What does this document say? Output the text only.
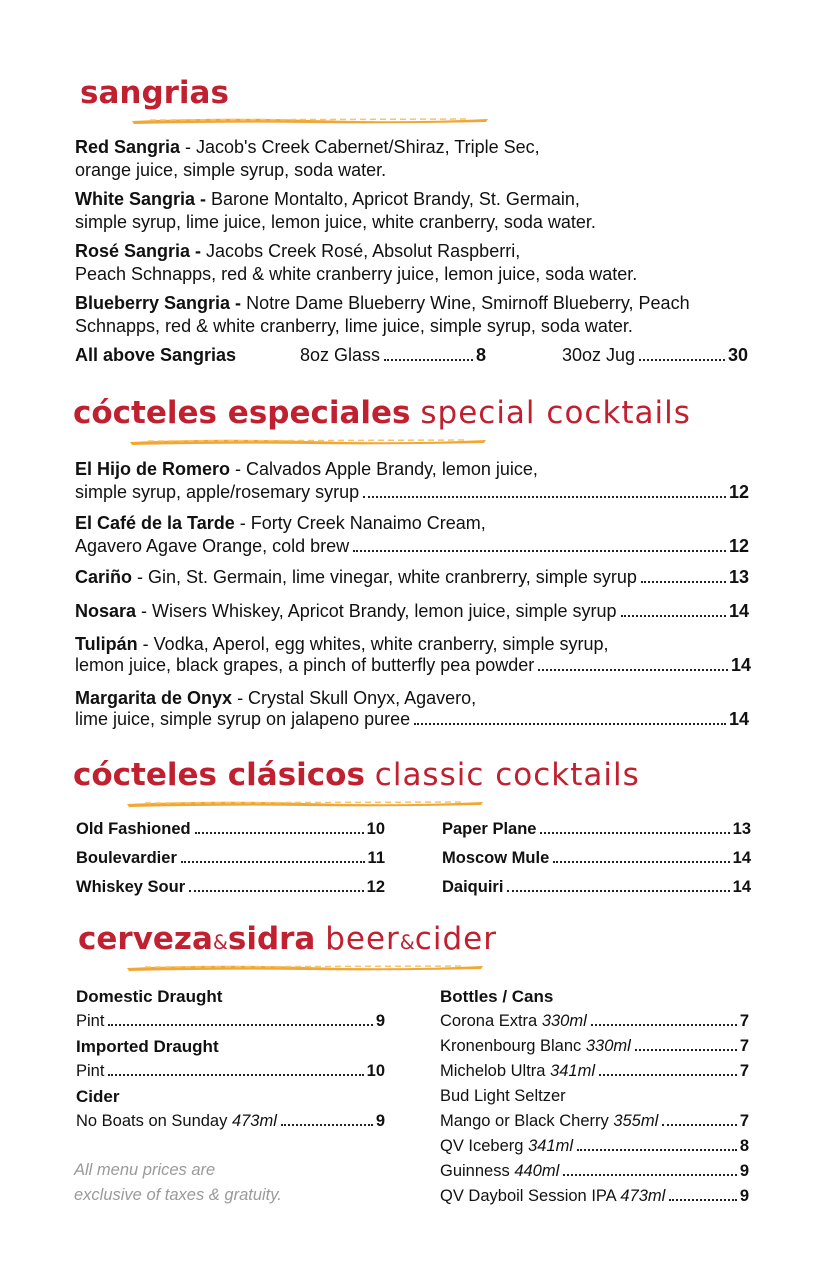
sangrias
Red Sangria - Jacob's Creek Cabernet/Shiraz, Triple Sec,
orange juice, simple syrup, soda water.
White Sangria - Barone Montalto, Apricot Brandy, St. Germain,
simple syrup, lime juice, lemon juice, white cranberry, soda water.
Rosé Sangria - Jacobs Creek Rosé, Absolut Raspberri,
Peach Schnapps, red & white cranberry juice, lemon juice, soda water.
Blueberry Sangria - Notre Dame Blueberry Wine, Smirnoff Blueberry, Peach
Schnapps, red & white cranberry, lime juice, simple syrup, soda water.
All above Sangrias	8oz Glass	8	30oz Jug	30
cócteles especiales special cocktails
El Hijo de Romero - Calvados Apple Brandy, lemon juice,
simple syrup, apple/rosemary syrup	12
El Café de la Tarde - Forty Creek Nanaimo Cream,
Agavero Agave Orange, cold brew	12
Cariño - Gin, St. Germain, lime vinegar, white cranbrerry, simple syrup	13
Nosara - Wisers Whiskey, Apricot Brandy, lemon juice, simple syrup	14
Tulipán - Vodka, Aperol, egg whites, white cranberry, simple syrup,
lemon juice, black grapes, a pinch of butterfly pea powder	14
Margarita de Onyx - Crystal Skull Onyx, Agavero,
lime juice, simple syrup on jalapeno puree	14
cócteles clásicos classic cocktails
Old Fashioned	10
Boulevardier	11
Whiskey Sour	12
Paper Plane	13
Moscow Mule	14
Daiquiri	14
cerveza&sidra beer&cider
Domestic Draught
Pint	9
Imported Draught
Pint	10
Cider
No Boats on Sunday 473ml	9
All menu prices are
exclusive of taxes & gratuity.
Bottles / Cans
Corona Extra 330ml	7
Kronenbourg Blanc 330ml	7
Michelob Ultra 341ml	7
Bud Light Seltzer
Mango or Black Cherry 355ml	7
QV Iceberg 341ml	8
Guinness 440ml	9
QV Dayboil Session IPA 473ml	9
